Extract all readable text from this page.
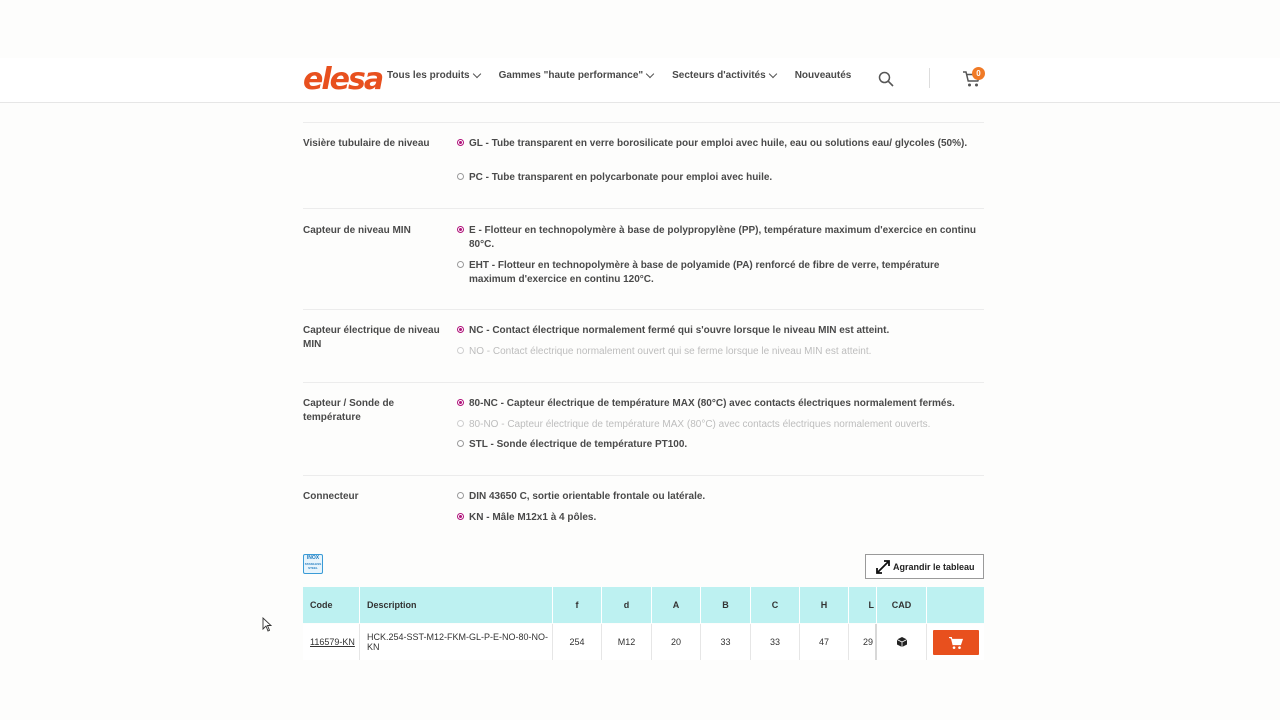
elesa Tous les produits	Gammes "haute performance"	Secteurs d'activités	Nouveautés	0
Visière tubulaire de niveau	GL - Tube transparent en verre borosilicate pour emploi avec huile, eau ou solutions eau/ glycoles (50%).
PC - Tube transparent en polycarbonate pour emploi avec huile.
Capteur de niveau MIN	E - Flotteur en technopolymère à base de polypropylène (PP), température maximum d'exercice en continu 80°C.
EHT - Flotteur en technopolymère à base de polyamide (PA) renforcé de fibre de verre, température maximum d'exercice en continu 120°C.
Capteur électrique de niveau MIN
NC - Contact électrique normalement fermé qui s'ouvre lorsque le niveau MIN est atteint.
NO - Contact électrique normalement ouvert qui se ferme lorsque le niveau MIN est atteint.
Capteur / Sonde de température
80-NC - Capteur électrique de température MAX (80°C) avec contacts électriques normalement fermés.
80-NO - Capteur électrique de température MAX (80°C) avec contacts électriques normalement ouverts.
STL - Sonde électrique de température PT100.
Connecteur	DIN 43650 C, sortie orientable frontale ou latérale.
KN - Mâle M12x1 à 4 pôles.
INOX
STAINLESS
STEEL	Agrandir le tableau
Code	Description	f	d	A	B	C	H	L	CAD
116579-KN	HCK.254-SST-M12-FKM-GL-P-E-NO-80-NO-KN	254	M12	20	33	33	47	29
